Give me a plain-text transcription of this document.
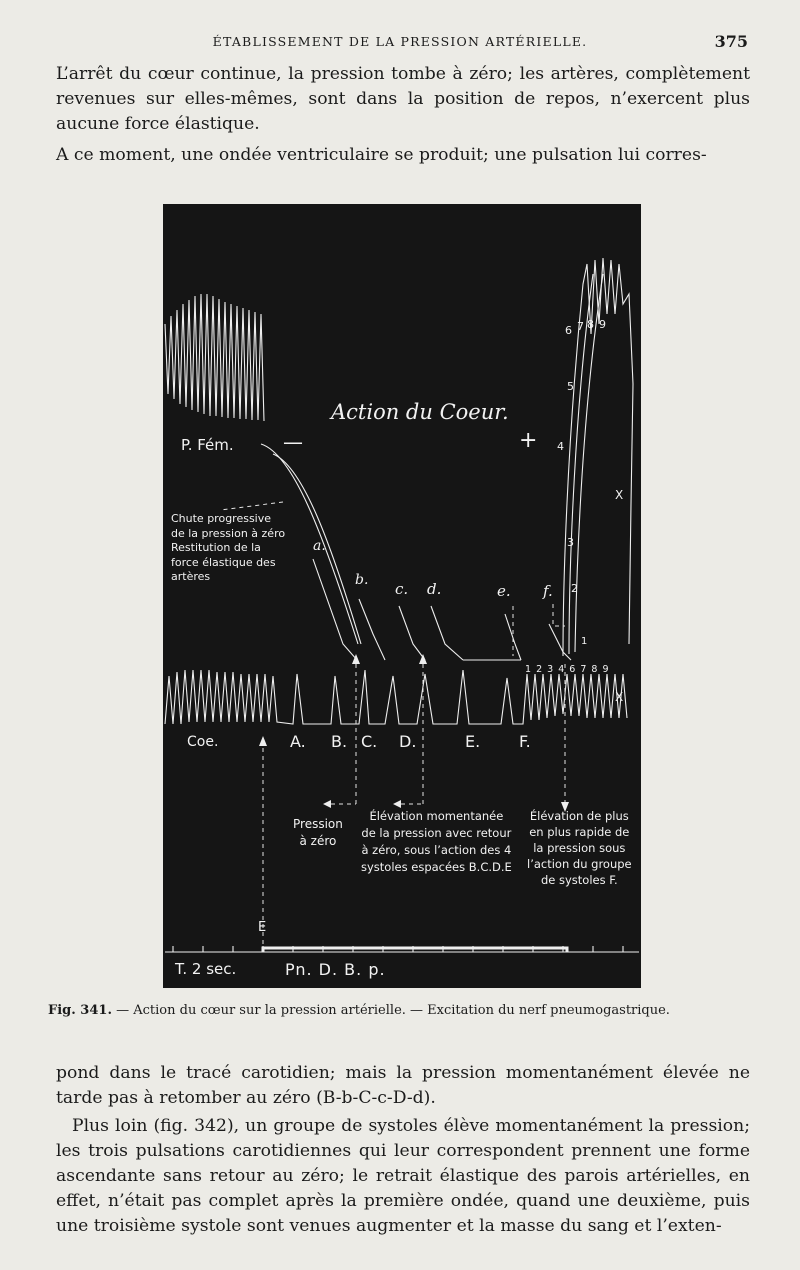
ÉTABLISSEMENT DE LA PRESSION ARTÉRIELLE.	375
L’arrêt du cœur continue, la pression tombe à zéro; les artères, complètement revenues sur elles-mêmes, sont dans la position de repos, n’exercent plus aucune force élastique.
A ce moment, une ondée ventriculaire se produit; une pulsation lui corres-
Action du Coeur.
P. Fém. —	+
Chute progressive
de la pression à zéro
Restitution de la
force élastique des
artères
a.
b. c. d.	e. f.
1
2
3
4
5
6 7 8 9
X
1 2 3 4 6 7 8 9
X
Coe.	A. B. C. D.	E. F.
Pression
à zéro
Élévation momentanée
de la pression avec retour
à zéro, sous l’action des 4
systoles espacées B.C.D.E
Élévation de plus
en plus rapide de
la pression sous
l’action du groupe
de systoles F.
E
T. 2 sec.	Pn. D. B. p.
Fig. 341. — Action du cœur sur la pression artérielle. — Excitation du nerf pneumogastrique.
pond dans le tracé carotidien; mais la pression momentanément élevée ne tarde pas à retomber au zéro (B-b-C-c-D-d).
Plus loin (fig. 342), un groupe de systoles élève momentanément la pression; les trois pulsations carotidiennes qui leur correspondent prennent une forme ascendante sans retour au zéro; le retrait élastique des parois artérielles, en effet, n’était pas complet après la première ondée, quand une deuxième, puis une troisième systole sont venues augmenter et la masse du sang et l’exten-
